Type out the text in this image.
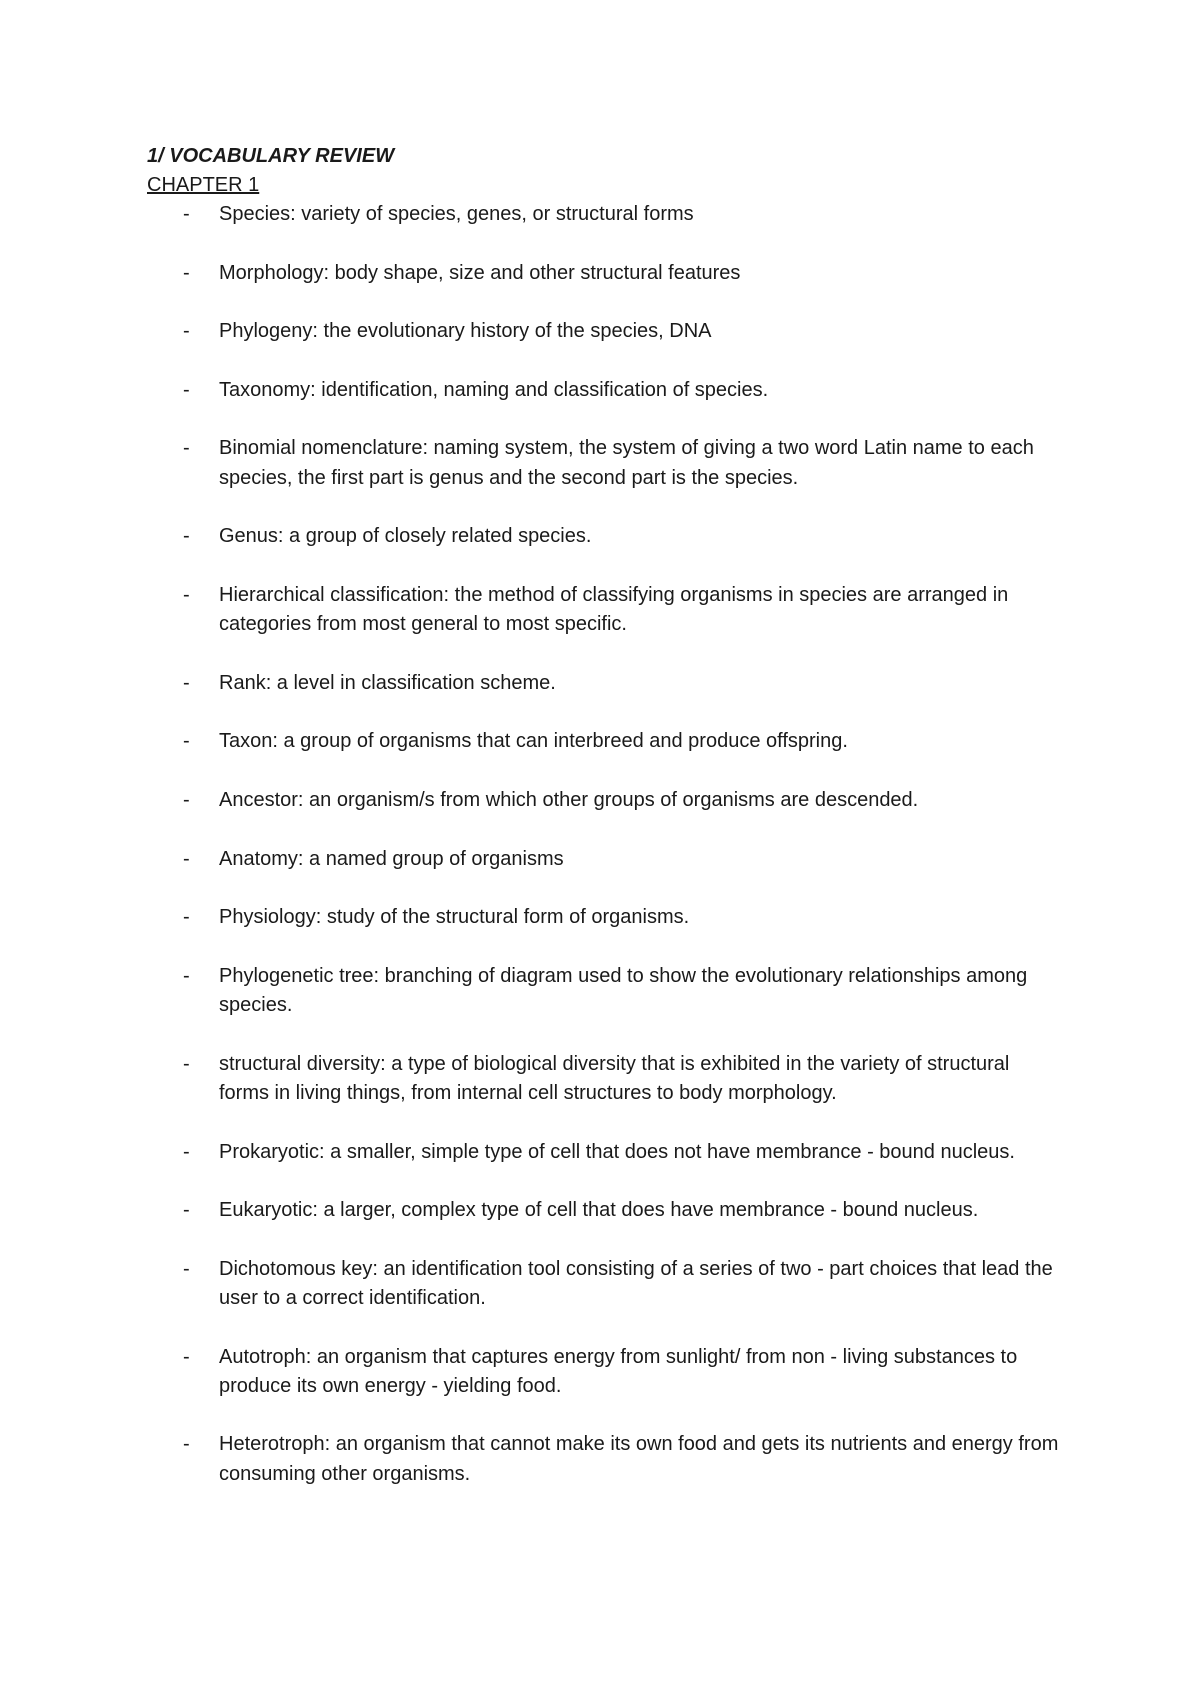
1/ VOCABULARY REVIEW

CHAPTER 1

- Species: variety of species, genes, or structural forms
- Morphology: body shape, size and other structural features
- Phylogeny: the evolutionary history of the species, DNA
- Taxonomy: identification, naming and classification of species.
- Binomial nomenclature: naming system, the system of giving a two word Latin name to each species, the first part is genus and the second part is the species.
- Genus: a group of closely related species.
- Hierarchical classification: the method of classifying organisms in species are arranged in categories from most general to most specific.
- Rank: a level in classification scheme.
- Taxon: a group of organisms that can interbreed and produce offspring.
- Ancestor: an organism/s from which other groups of organisms are descended.
- Anatomy: a named group of organisms
- Physiology: study of the structural form of organisms.
- Phylogenetic tree: branching of diagram used to show the evolutionary relationships among species.
- structural diversity: a type of biological diversity that is exhibited in the variety of structural forms in living things, from internal cell structures to body morphology.
- Prokaryotic: a smaller, simple type of cell that does not have membrance - bound nucleus.
- Eukaryotic: a larger, complex type of cell that does have membrance - bound nucleus.
- Dichotomous key: an identification tool consisting of a series of two - part choices that lead the user to a correct identification.
- Autotroph: an organism that captures energy from sunlight/ from non - living substances to produce its own energy - yielding food.
- Heterotroph: an organism that cannot make its own food and gets its nutrients and energy from consuming other organisms.
